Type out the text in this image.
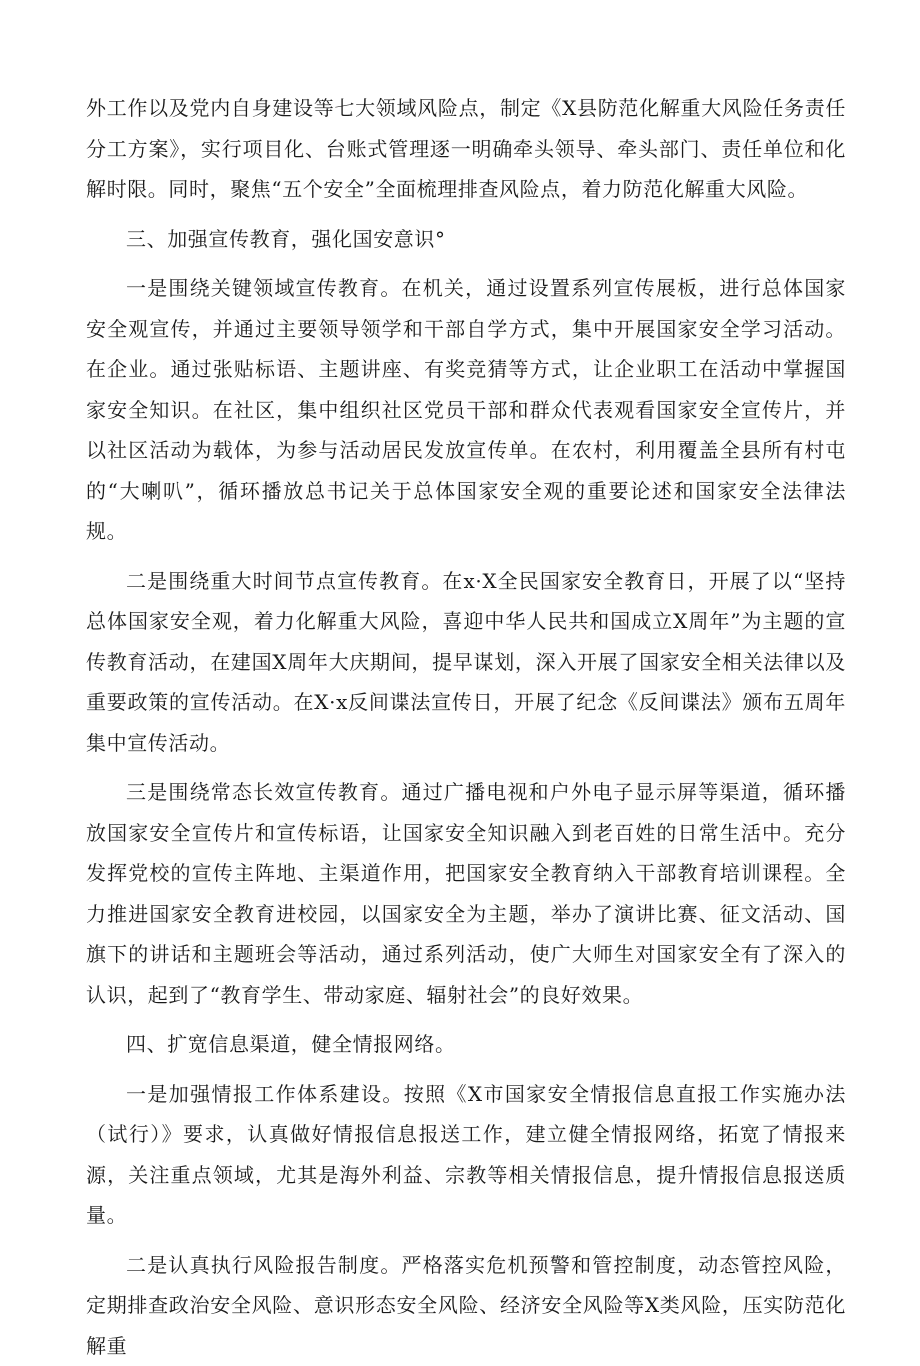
外工作以及党内自身建设等七大领域风险点，制定《X县防范化解重大风险任务责任分工方案》，实行项目化、台账式管理逐一明确牵头领导、牵头部门、责任单位和化解时限。同时，聚焦“五个安全”全面梳理排查风险点，着力防范化解重大风险。

三、加强宣传教育，强化国安意识°

一是围绕关键领域宣传教育。在机关，通过设置系列宣传展板，进行总体国家安全观宣传，并通过主要领导领学和干部自学方式，集中开展国家安全学习活动。在企业。通过张贴标语、主题讲座、有奖竞猜等方式，让企业职工在活动中掌握国家安全知识。在社区，集中组织社区党员干部和群众代表观看国家安全宣传片，并以社区活动为载体，为参与活动居民发放宣传单。在农村，利用覆盖全县所有村屯的“大喇叭”，循环播放总书记关于总体国家安全观的重要论述和国家安全法律法规。

二是围绕重大时间节点宣传教育。在x·X全民国家安全教育日，开展了以“坚持总体国家安全观，着力化解重大风险，喜迎中华人民共和国成立X周年”为主题的宣传教育活动，在建国X周年大庆期间，提早谋划，深入开展了国家安全相关法律以及重要政策的宣传活动。在X·x反间谍法宣传日，开展了纪念《反间谍法》颁布五周年集中宣传活动。

三是围绕常态长效宣传教育。通过广播电视和户外电子显示屏等渠道，循环播放国家安全宣传片和宣传标语，让国家安全知识融入到老百姓的日常生活中。充分发挥党校的宣传主阵地、主渠道作用，把国家安全教育纳入干部教育培训课程。全力推进国家安全教育进校园，以国家安全为主题，举办了演讲比赛、征文活动、国旗下的讲话和主题班会等活动，通过系列活动，使广大师生对国家安全有了深入的认识，起到了“教育学生、带动家庭、辐射社会”的良好效果。

四、扩宽信息渠道，健全情报网络。

一是加强情报工作体系建设。按照《X市国家安全情报信息直报工作实施办法（试行）》要求，认真做好情报信息报送工作，建立健全情报网络，拓宽了情报来源，关注重点领域，尤其是海外利益、宗教等相关情报信息，提升情报信息报送质量。

二是认真执行风险报告制度。严格落实危机预警和管控制度，动态管控风险，定期排查政治安全风险、意识形态安全风险、经济安全风险等X类风险，压实防范化解重
